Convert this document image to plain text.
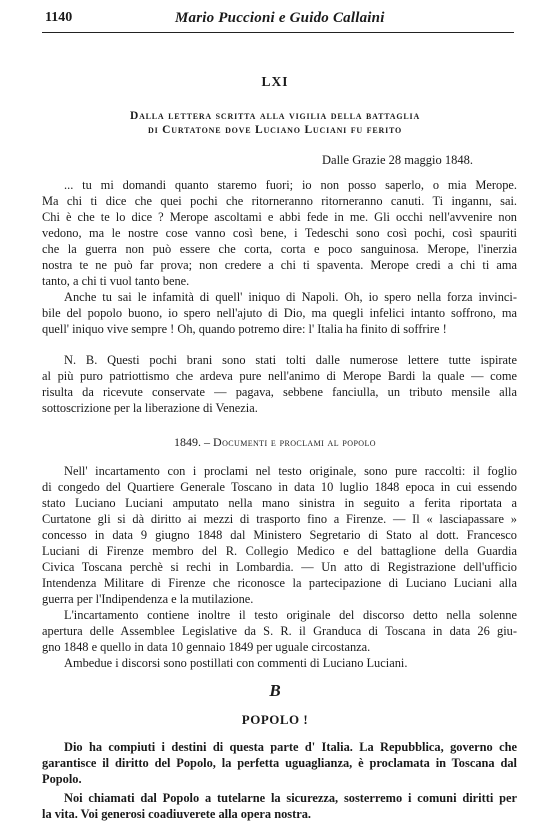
1140	Mario Puccioni e Guido Callaini
LXI
Dalla lettera scritta alla vigilia della battaglia
di Curtatone dove Luciano Luciani fu ferito
Dalle Grazie 28 maggio 1848.
... tu mi domandi quanto staremo fuori; io non posso saperlo, o mia Merope.
Ma chi ti dice che quei pochi che ritorneranno ritorneranno canuti. Ti ingannı, sai.
Chi è che te lo dice ? Merope ascoltami e abbi fede in me. Gli occhi nell'avvenire non
vedono, ma le nostre cose vanno così bene, i Tedeschi sono così pochi, così spauriti
che la guerra non può essere che corta, corta e poco sanguinosa. Merope, l'inerzia
nostra te ne può far prova; non credere a chi ti spaventa. Merope credi a chi ti ama
tanto, a chi ti vuol tanto bene.
Anche tu sai le infamità di quell' iniquo di Napoli. Oh, io spero nella forza invinci-
bile del popolo buono, io spero nell'ajuto di Dio, ma quegli infelici intanto soffrono, ma
quell' iniquo vive sempre ! Oh, quando potremo dire: l' Italia ha finito di soffrire !
N. B. Questi pochi brani sono stati tolti dalle numerose lettere tutte ispirate
al più puro patriottismo che ardeva pure nell'animo di Merope Bardi la quale — come
risulta da ricevute conservate — pagava, sebbene fanciulla, un tributo mensile alla
sottoscrizione per la liberazione di Venezia.
1849. – Documenti e proclami al popolo
Nell' incartamento con i proclami nel testo originale, sono pure raccolti: il foglio
di congedo del Quartiere Generale Toscano in data 10 luglio 1848 epoca in cui essendo
stato Luciano Luciani amputato nella mano sinistra in seguito a ferita riportata a
Curtatone gli si dà diritto ai mezzi di trasporto fino a Firenze. — Il « lasciapassare »
concesso in data 9 giugno 1848 dal Ministero Segretario di Stato al dott. Francesco
Luciani di Firenze membro del R. Collegio Medico e del battaglione della Guardia
Civica Toscana perchè si rechi in Lombardia. — Un atto di Registrazione dell'ufficio
Intendenza Militare di Firenze che riconosce la partecipazione di Luciano Luciani alla
guerra per l'Indipendenza e la mutilazione.
L'incartamento contiene inoltre il testo originale del discorso detto nella solenne
apertura delle Assemblee Legislative da S. R. il Granduca di Toscana in data 26 giu-
gno 1848 e quello in data 10 gennaio 1849 per uguale circostanza.
Ambedue i discorsi sono postillati con commenti di Luciano Luciani.
B
POPOLO !
Dio ha compiuti i destini di questa parte d' Italia. La Repubblica, governo che
garantisce il diritto del Popolo, la perfetta uguaglianza, è proclamata in Toscana dal
Popolo.
Noi chiamati dal Popolo a tutelarne la sicurezza, sosterremo i comuni diritti per
la vita. Voi generosi coadiuverete alla opera nostra.
